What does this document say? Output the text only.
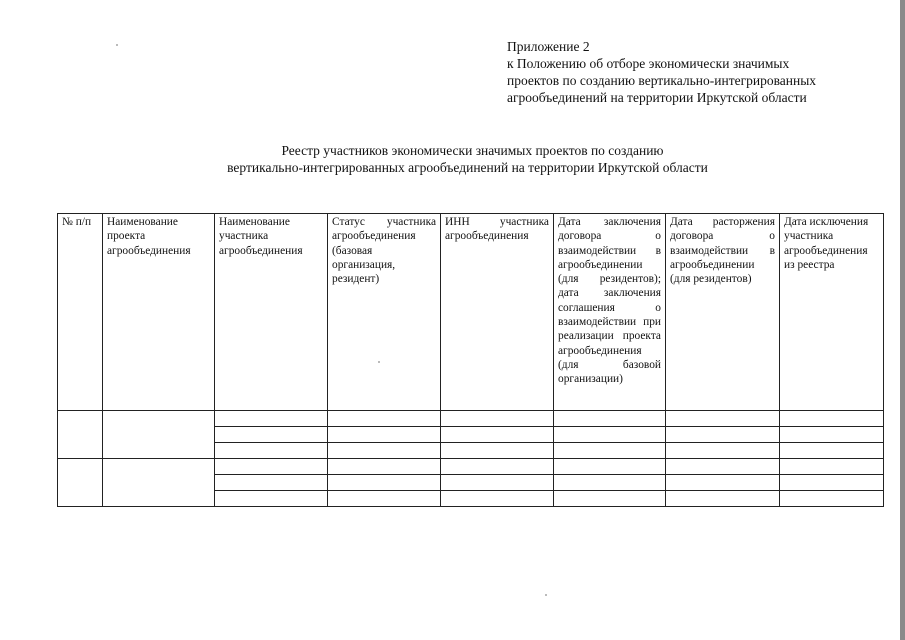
Приложение 2
к Положению об отборе экономически значимых
проектов по созданию вертикально-интегрированных
агрообъединений на территории Иркутской области
Реестр участников экономически значимых проектов по созданию
вертикально-интегрированных агрообъединений на территории Иркутской области
№ п/п	Наименование проекта агрообъединения	Наименование участника агрообъединения	Статус участника агрообъединения (базовая организация, резидент)	ИНН участника агрообъединения	Дата заключения договора о взаимодействии в агрообъединении (для резидентов); дата заключения соглашения о взаимодействии при реализации проекта агрообъединения (для базовой организации)	Дата расторжения договора о взаимодействии в агрообъединении (для резидентов)	Дата исключения участника агрообъединения из реестра
